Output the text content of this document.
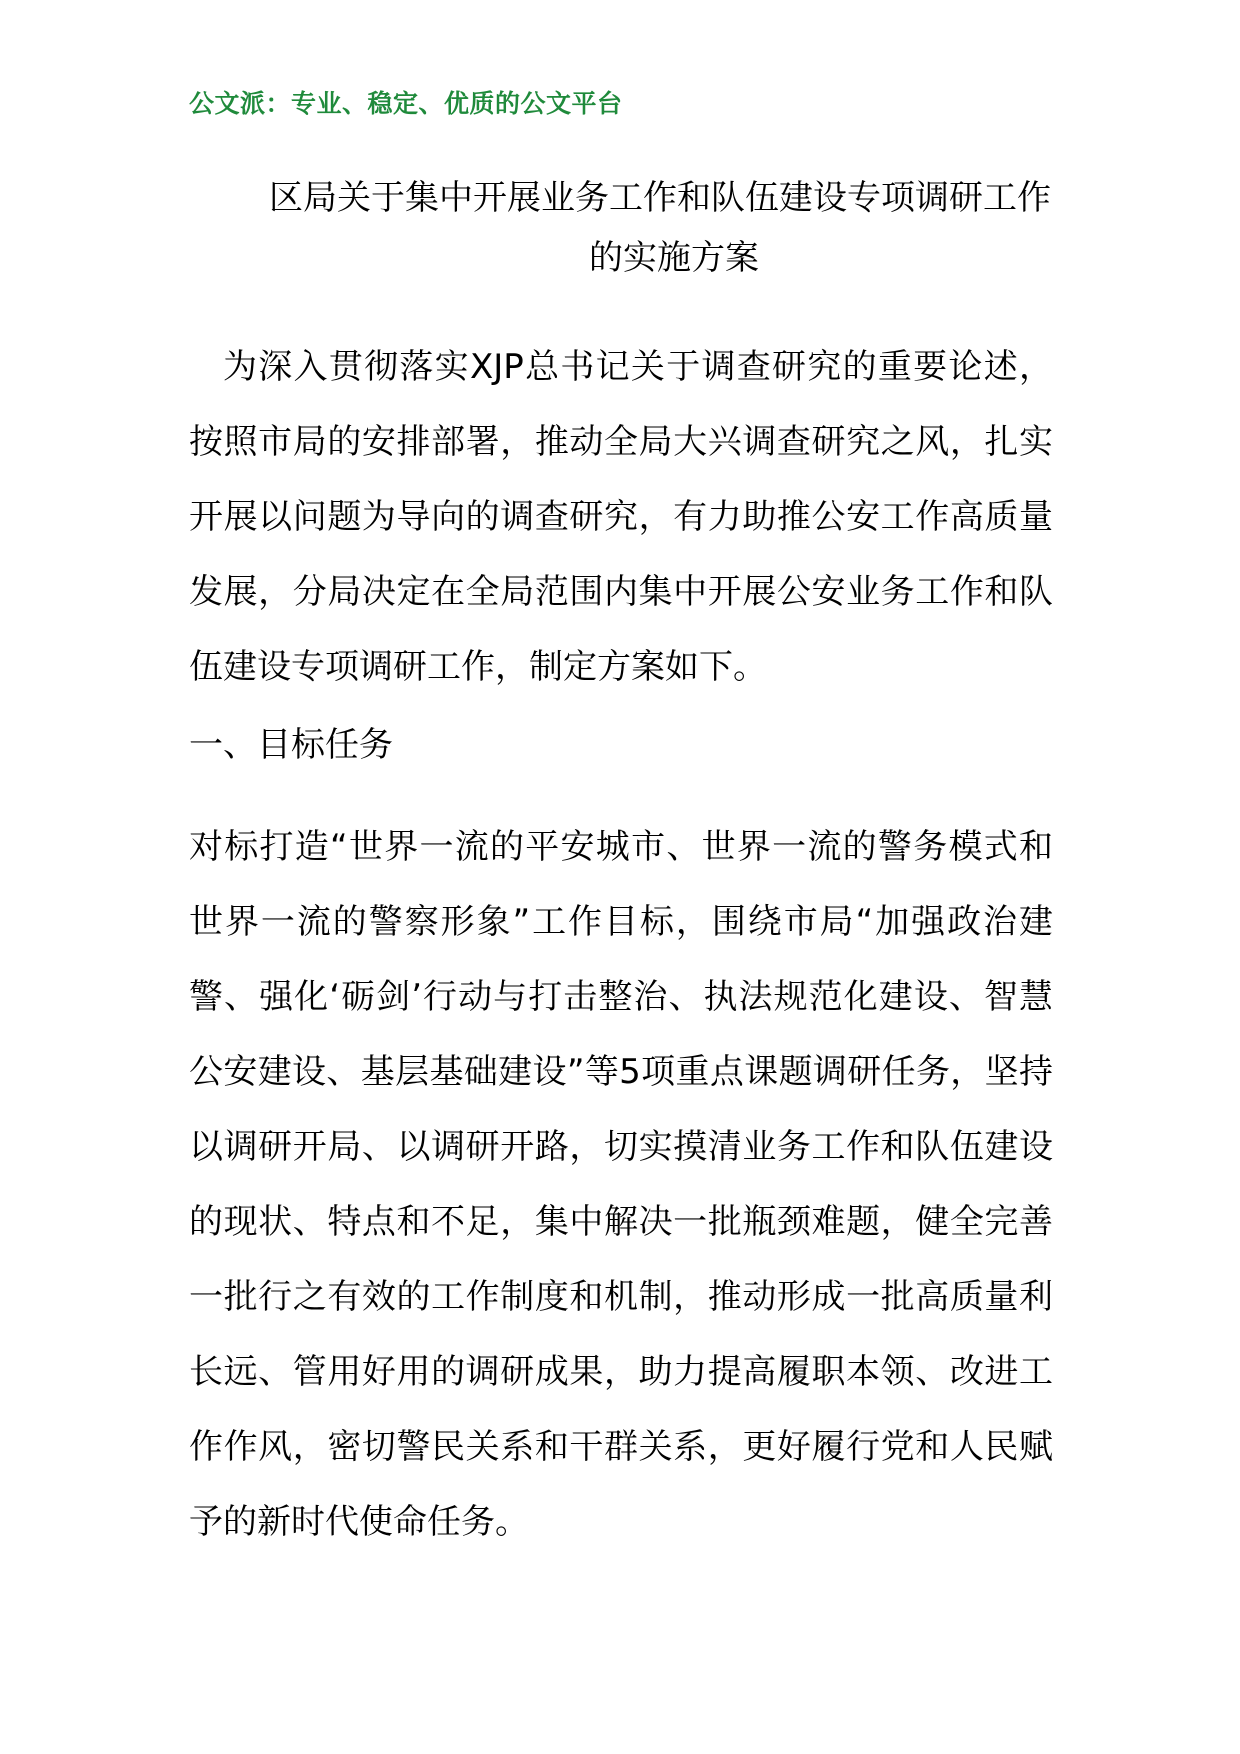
公文派：专业、稳定、优质的公文平台
区局关于集中开展业务工作和队伍建设专项调研工作
的实施方案
为深入贯彻落实XJP总书记关于调查研究的重要论述，按照市局的安排部署，推动全局大兴调查研究之风，扎实开展以问题为导向的调查研究，有力助推公安工作高质量发展，分局决定在全局范围内集中开展公安业务工作和队伍建设专项调研工作，制定方案如下。
一、目标任务
对标打造“世界一流的平安城市、世界一流的警务模式和世界一流的警察形象”工作目标，围绕市局“加强政治建警、强化‘砺剑’行动与打击整治、执法规范化建设、智慧公安建设、基层基础建设”等5项重点课题调研任务，坚持以调研开局、以调研开路，切实摸清业务工作和队伍建设的现状、特点和不足，集中解决一批瓶颈难题，健全完善一批行之有效的工作制度和机制，推动形成一批高质量利长远、管用好用的调研成果，助力提高履职本领、改进工作作风，密切警民关系和干群关系，更好履行党和人民赋予的新时代使命任务。
